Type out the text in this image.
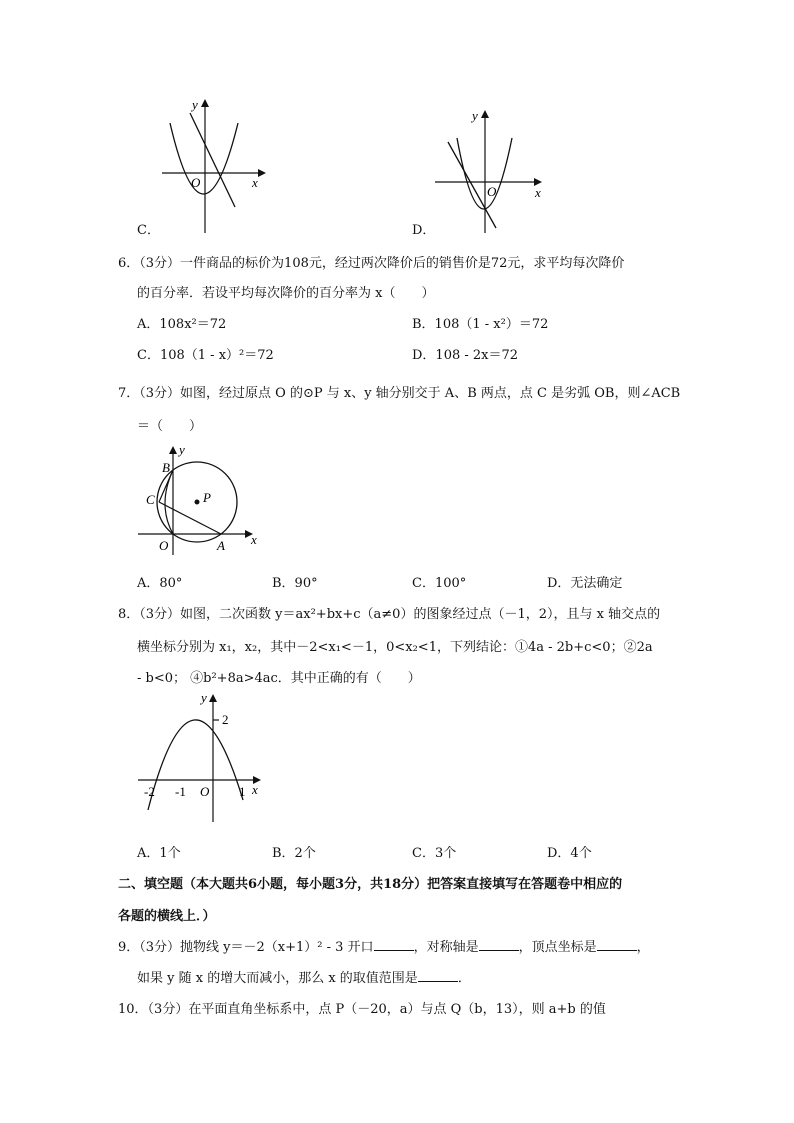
y
x
O
y
x
O
C．	D．
6．（3分）一件商品的标价为108元，经过两次降价后的销售价是72元，求平均每次降价
的百分率．若设平均每次降价的百分率为 x（　　）
A．108x²＝72	B．108（1 - x²）＝72
C．108（1 - x）²＝72	D．108 - 2x＝72
7．（3分）如图，经过原点 O 的⊙P 与 x、y 轴分别交于 A、B 两点，点 C 是劣弧 OB，则∠ACB
＝（　　）
y
x
B
C	P
O	A
A．80°	B．90°	C．100°	D．无法确定
8．（3分）如图，二次函数 y＝ax²+bx+c（a≠0）的图象经过点（－1，2），且与 x 轴交点的
横坐标分别为 x₁，x₂，其中－2<x₁<－1，0<x₂<1，下列结论：①4a - 2b+c<0；②2a
- b<0； ④b²+8a>4ac．其中正确的有（　　）
y
2
-2 -1 O 1 x
A．1个	B．2个	C．3个	D．4个
二、填空题（本大题共6小题，每小题3分，共18分）把答案直接填写在答题卷中相应的
各题的横线上．）
9．（3分）抛物线 y＝－2（x+1）² - 3 开口	，对称轴是	，顶点坐标是	，
如果 y 随 x 的增大而减小，那么 x 的取值范围是	．
10．（3分）在平面直角坐标系中，点 P（－20，a）与点 Q（b，13），则 a+b 的值
